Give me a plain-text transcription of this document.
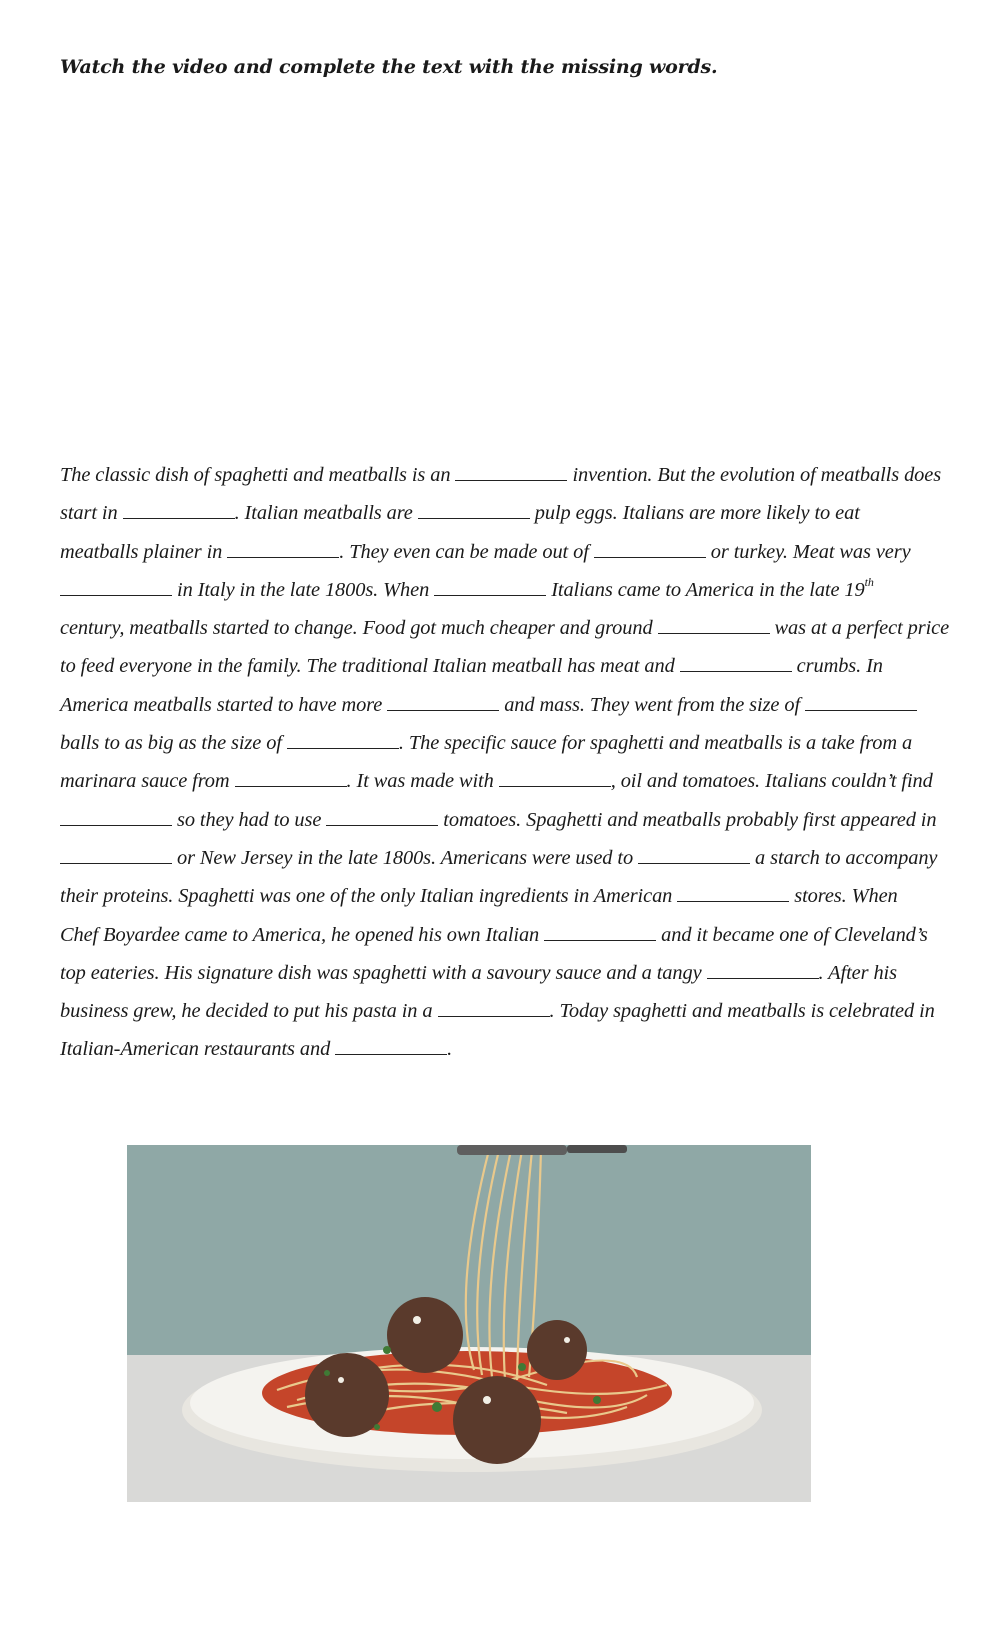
Watch the video and complete the text with the missing words.
The classic dish of spaghetti and meatballs is an	invention. But the evolution of meatballs does
start in	. Italian meatballs are	pulp eggs. Italians are more likely to eat
meatballs plainer in	. They even can be made out of	or turkey. Meat was very
in Italy in the late 1800s. When	Italians came to America in the late 19th
century, meatballs started to change. Food got much cheaper and ground	was at a perfect price
to feed everyone in the family. The traditional Italian meatball has meat and	crumbs. In
America meatballs started to have more	and mass. They went from the size of
balls to as big as the size of	. The specific sauce for spaghetti and meatballs is a take from a
marinara sauce from	. It was made with	, oil and tomatoes. Italians couldn’t find
so they had to use	tomatoes. Spaghetti and meatballs probably first appeared in
or New Jersey in the late 1800s. Americans were used to	a starch to accompany
their proteins. Spaghetti was one of the only Italian ingredients in American	stores. When
Chef Boyardee came to America, he opened his own Italian	and it became one of Cleveland’s
top eateries. His signature dish was spaghetti with a savoury sauce and a tangy	. After his
business grew, he decided to put his pasta in a	. Today spaghetti and meatballs is celebrated in
Italian-American restaurants and	.
